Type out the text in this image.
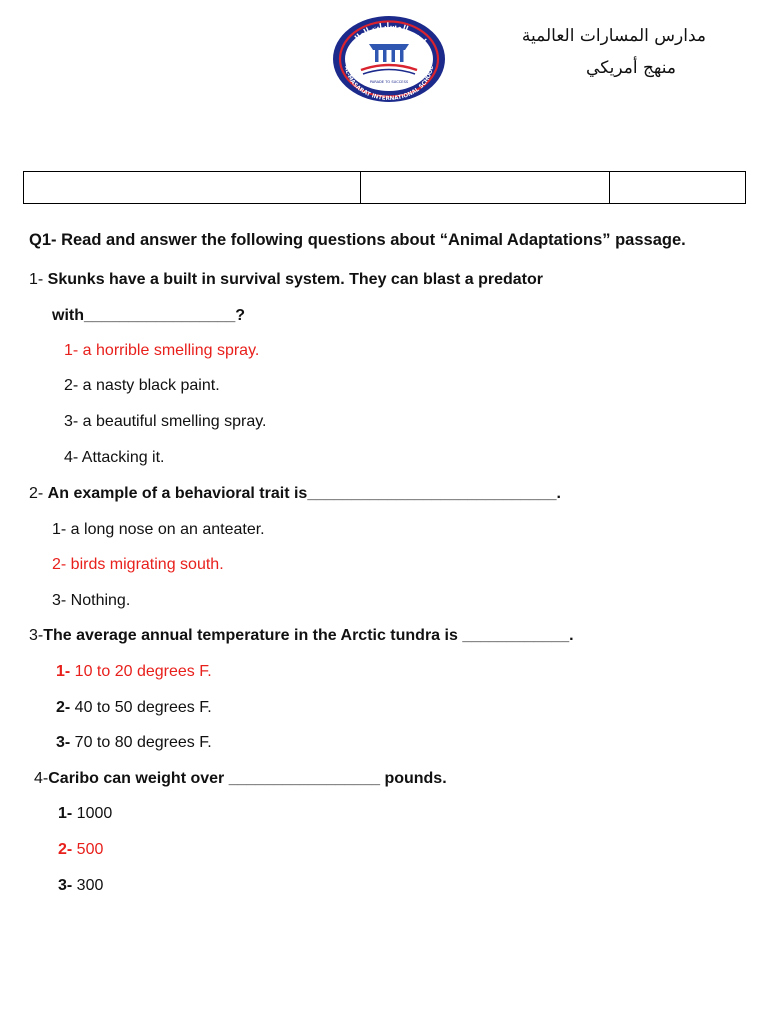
مدارس المسارات العالمية
AL-MASARAT INTERNATIONAL SCHOOL
PARADE TO SUCCESS
مدارس المسارات العالمية
منهج أمريكي

Q1- Read and answer the following questions about “Animal Adaptations” passage.
1- Skunks have a built in survival system. They can blast a predator
with_________________?
1- a horrible smelling spray.
2- a nasty black paint.
3- a beautiful smelling spray.
4- Attacking it.
2- An example of a behavioral trait is____________________________.
1- a long nose on an anteater.
2- birds migrating south.
3- Nothing.
3-The average annual temperature in the Arctic tundra is ____________.
1- 10 to 20 degrees F.
2- 40 to 50 degrees F.
3- 70 to 80 degrees F.
4-Caribo can weight over _________________ pounds.
1- 1000
2- 500
3- 300
